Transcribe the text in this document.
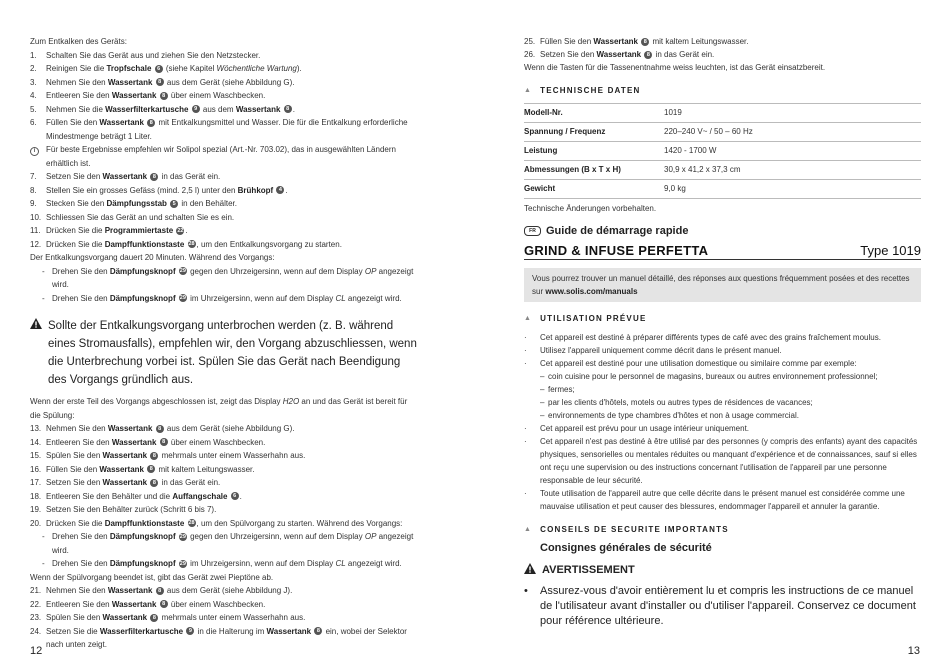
Zum Entkalken des Geräts:
1.	Schalten Sie das Gerät aus und ziehen Sie den Netzstecker.
2.	Reinigen Sie die Tropfschale 6 (siehe Kapitel Wöchentliche Wartung).
3.	Nehmen Sie den Wassertank 8 aus dem Gerät (siehe Abbildung G).
4.	Entleeren Sie den Wassertank 8 über einem Waschbecken.
5.	Nehmen Sie die Wasserfilterkartusche 9 aus dem Wassertank 8 .
6.	Füllen Sie den Wassertank 8 mit Entkalkungsmittel und Wasser. Die für die Entkalkung erforderliche Mindestmenge beträgt 1 Liter.
i	Für beste Ergebnisse empfehlen wir Solipol spezial (Art.-Nr. 703.02), das in ausgewählten Ländern erhältlich ist.
7.	Setzen Sie den Wassertank 8 in das Gerät ein.
8.	Stellen Sie ein grosses Gefäss (mind. 2,5 l) unter den Brühkopf 4 .
9.	Stecken Sie den Dämpfungsstab 5 in den Behälter.
10. Schliessen Sie das Gerät an und schalten Sie es ein.
11. Drücken Sie die Programmiertaste 22 .
12. Drücken Sie die Dampffunktionstaste 28 , um den Entkalkungsvorgang zu starten.
Der Entkalkungsvorgang dauert 20 Minuten. Während des Vorgangs:
- Drehen Sie den Dämpfungsknopf 29 gegen den Uhrzeigersinn, wenn auf dem Display OP angezeigt wird.
- Drehen Sie den Dämpfungsknopf 29 im Uhrzeigersinn, wenn auf dem Display CL angezeigt wird.
Sollte der Entkalkungsvorgang unterbrochen werden (z. B. während eines Stromausfalls), empfehlen wir, den Vorgang abzuschliessen, wenn die Unterbrechung vorbei ist. Spülen Sie das Gerät nach Beendigung des Vorgangs gründlich aus.
Wenn der erste Teil des Vorgangs abgeschlossen ist, zeigt das Display H2O an und das Gerät ist bereit für die Spülung:
13. Nehmen Sie den Wassertank 8 aus dem Gerät (siehe Abbildung G).
14. Entleeren Sie den Wassertank 8 über einem Waschbecken.
15. Spülen Sie den Wassertank 8 mehrmals unter einem Wasserhahn aus.
16. Füllen Sie den Wassertank 8 mit kaltem Leitungswasser.
17. Setzen Sie den Wassertank 8 in das Gerät ein.
18. Entleeren Sie den Behälter und die Auffangschale 6 .
19. Setzen Sie den Behälter zurück (Schritt 6 bis 7).
20. Drücken Sie die Dampffunktionstaste 28 , um den Spülvorgang zu starten. Während des Vorgangs:
- Drehen Sie den Dämpfungsknopf 29 gegen den Uhrzeigersinn, wenn auf dem Display OP angezeigt wird.
- Drehen Sie den Dämpfungsknopf 29 im Uhrzeigersinn, wenn auf dem Display CL angezeigt wird.
Wenn der Spülvorgang beendet ist, gibt das Gerät zwei Pieptöne ab.
21. Nehmen Sie den Wassertank 8 aus dem Gerät (siehe Abbildung J).
22. Entleeren Sie den Wassertank 8 über einem Waschbecken.
23. Spülen Sie den Wassertank 8 mehrmals unter einem Wasserhahn aus.
24. Setzen Sie die Wasserfilterkartusche 9 in die Halterung im Wassertank 8 ein, wobei der Selektor nach unten zeigt.
12
25. Füllen Sie den Wassertank 8 mit kaltem Leitungswasser.
26. Setzen Sie den Wassertank 8 in das Gerät ein.
Wenn die Tasten für die Tassenentnahme weiss leuchten, ist das Gerät einsatzbereit.
▲ TECHNISCHE DATEN
Modell-Nr.	1019
Spannung / Frequenz	220–240 V~ / 50 – 60 Hz
Leistung	1420 - 1700 W
Abmessungen (B x T x H)	30,9 x 41,2 x 37,3 cm
Gewicht	9,0 kg
Technische Änderungen vorbehalten.
FR Guide de démarrage rapide
GRIND & INFUSE PERFETTA	Type 1019
Vous pourrez trouver un manuel détaillé, des réponses aux questions fréquemment posées et des recettes sur www.solis.com/manuals
▲ UTILISATION PRÉVUE
·	Cet appareil est destiné à préparer différents types de café avec des grains fraîchement moulus.
·	Utilisez l'appareil uniquement comme décrit dans le présent manuel.
·	Cet appareil est destiné pour une utilisation domestique ou similaire comme par exemple:
– coin cuisine pour le personnel de magasins, bureaux ou autres environnement professionnel;
– fermes;
– par les clients d'hôtels, motels ou autres types de résidences de vacances;
– environnements de type chambres d'hôtes et non à usage commercial.
·	Cet appareil est prévu pour un usage intérieur uniquement.
·	Cet appareil n'est pas destiné à être utilisé par des personnes (y compris des enfants) ayant des capacités physiques, sensorielles ou mentales réduites ou manquant d'expérience et de connaissances, sauf si elles ont reçu une supervision ou des instructions concernant l'utilisation de l'appareil par une personne responsable de leur sécurité.
·	Toute utilisation de l'appareil autre que celle décrite dans le présent manuel est considérée comme une mauvaise utilisation et peut causer des blessures, endommager l'appareil et annuler la garantie.
▲ CONSEILS DE SECURITE IMPORTANTS
Consignes générales de sécurité
AVERTISSEMENT
•	Assurez-vous d'avoir entièrement lu et compris les instructions de ce manuel de l'utilisateur avant d'installer ou d'utiliser l'appareil. Conservez ce document pour référence ultérieure.
13
